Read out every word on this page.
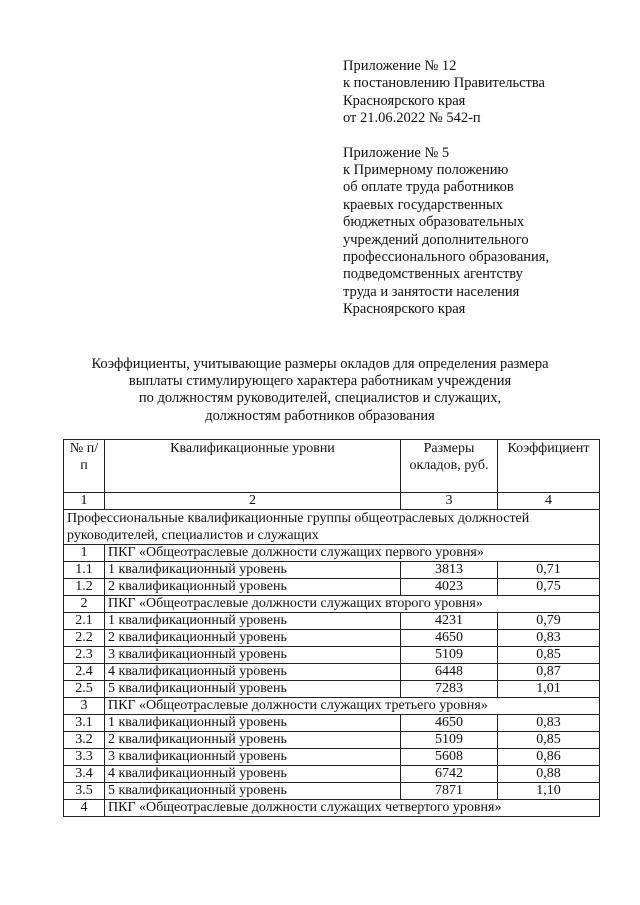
Приложение № 12
к постановлению Правительства
Красноярского края
от 21.06.2022 № 542-п
Приложение № 5
к Примерному положению
об оплате труда работников
краевых государственных
бюджетных образовательных
учреждений дополнительного
профессионального образования,
подведомственных агентству
труда и занятости населения
Красноярского края
Коэффициенты, учитывающие размеры окладов для определения размера
выплаты стимулирующего характера работникам учреждения
по должностям руководителей, специалистов и служащих,
должностям работников образования
№ п/п	Квалификационные уровни	Размеры окладов, руб.	Коэффициент
1	2	3	4
Профессиональные квалификационные группы общеотраслевых должностей руководителей, специалистов и служащих			
1	ПКГ «Общеотраслевые должности служащих первого уровня»		
1.1	1 квалификационный уровень	3813	0,71
1.2	2 квалификационный уровень	4023	0,75
2	ПКГ «Общеотраслевые должности служащих второго уровня»		
2.1	1 квалификационный уровень	4231	0,79
2.2	2 квалификационный уровень	4650	0,83
2.3	3 квалификационный уровень	5109	0,85
2.4	4 квалификационный уровень	6448	0,87
2.5	5 квалификационный уровень	7283	1,01
3	ПКГ «Общеотраслевые должности служащих третьего уровня»		
3.1	1 квалификационный уровень	4650	0,83
3.2	2 квалификационный уровень	5109	0,85
3.3	3 квалификационный уровень	5608	0,86
3.4	4 квалификационный уровень	6742	0,88
3.5	5 квалификационный уровень	7871	1,10
4	ПКГ «Общеотраслевые должности служащих четвертого уровня»		
